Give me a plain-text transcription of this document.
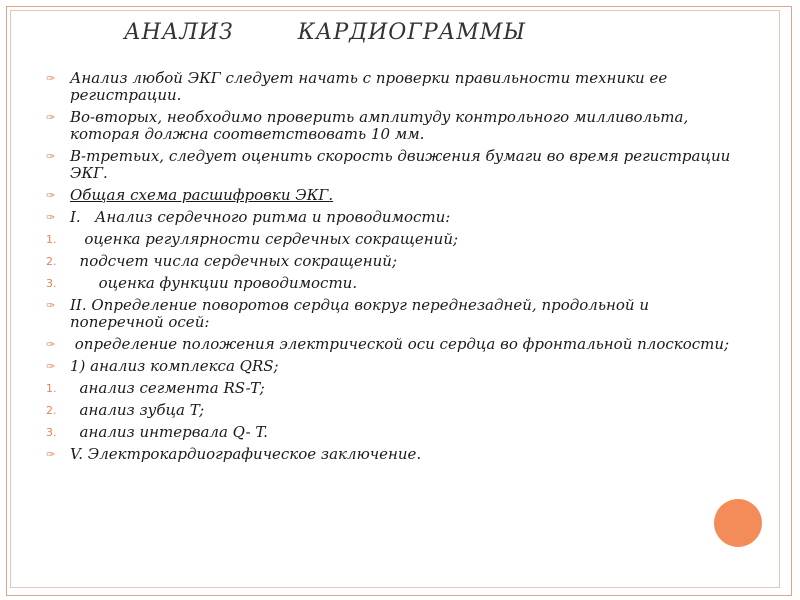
АНАЛИЗ        КАРДИОГРАММЫ
✑ Анализ любой ЭКГ следует начать с проверки правильности техники ее регистрации.
✑ Во-вторых, необходимо проверить амплитуду контрольного милливольта, которая должна соответствовать 10 мм.
✑ В-третьих, следует оценить скорость движения бумаги во время регистрации ЭКГ.
✑ Общая схема расшифровки ЭКГ.
✑ I.   Анализ сердечного ритма и проводимости:
1. оценка регулярности сердечных сокращений;
2. подсчет числа сердечных сокращений;
3. оценка функции проводимости.
✑ II. Определение поворотов сердца вокруг переднезадней, продольной и поперечной осей:
✑ определение положения электрической оси сердца во фронтальной плоскости;
✑ 1) анализ комплекса QRS;
1. анализ сегмента RS-T;
2. анализ зубца T;
3. анализ интервала Q- T.
✑ V. Электрокардиографическое заключение.
